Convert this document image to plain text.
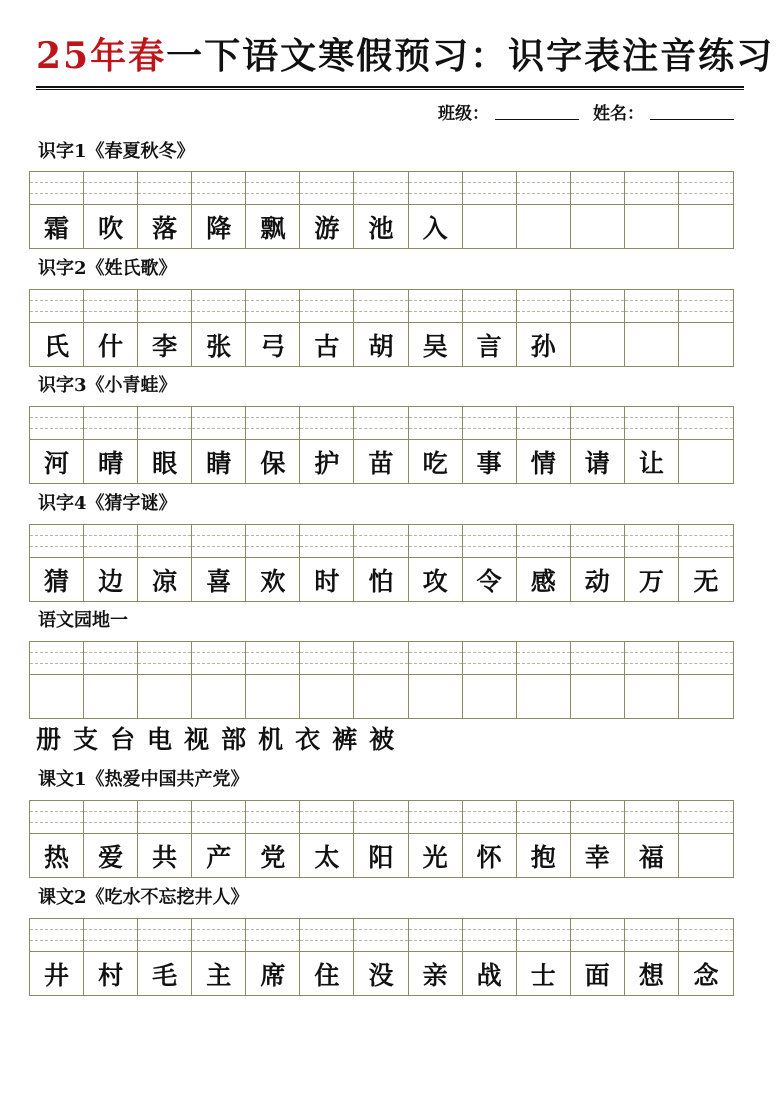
25年春一下语文寒假预习：识字表注音练习
班级：	姓名：
识字1《春夏秋冬》
霜	吹	落	降	飘	游	池	入
识字2《姓氏歌》
氏	什	李	张	弓	古	胡	吴	言	孙
识字3《小青蛙》
河	晴	眼	睛	保	护	苗	吃	事	情	请	让
识字4《猜字谜》
猜	边	凉	喜	欢	时	怕	攻	令	感	动	万	无
语文园地一
册 支 台 电 视 部 机 衣 裤 被
课文1《热爱中国共产党》
热	爱	共	产	党	太	阳	光	怀	抱	幸	福
课文2《吃水不忘挖井人》
井	村	毛	主	席	住	没	亲	战	士	面	想	念
